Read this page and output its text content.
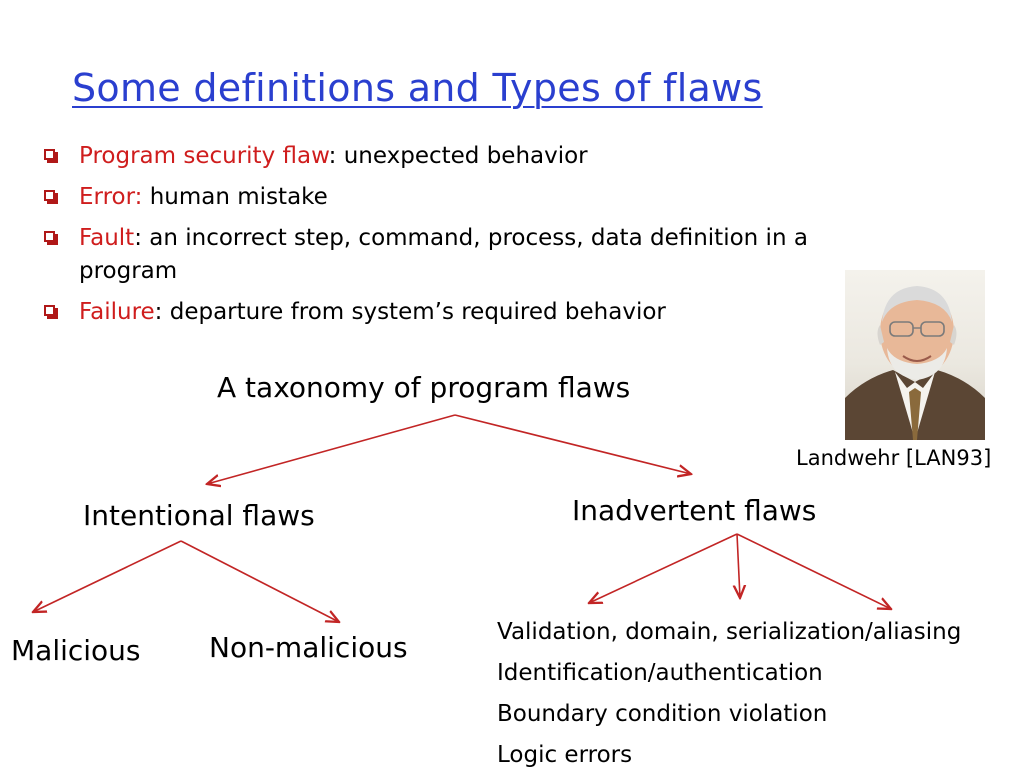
Some definitions and Types of flaws
Program security flaw: unexpected behavior
Error: human mistake
Fault: an incorrect step, command, process, data definition in a program
Failure: departure from system’s required behavior
A taxonomy of program flaws
Intentional flaws	Inadvertent flaws
Malicious Non-malicious	Validation, domain, serialization/aliasing
Identification/authentication
Boundary condition violation
Logic errors
Landwehr [LAN93]
